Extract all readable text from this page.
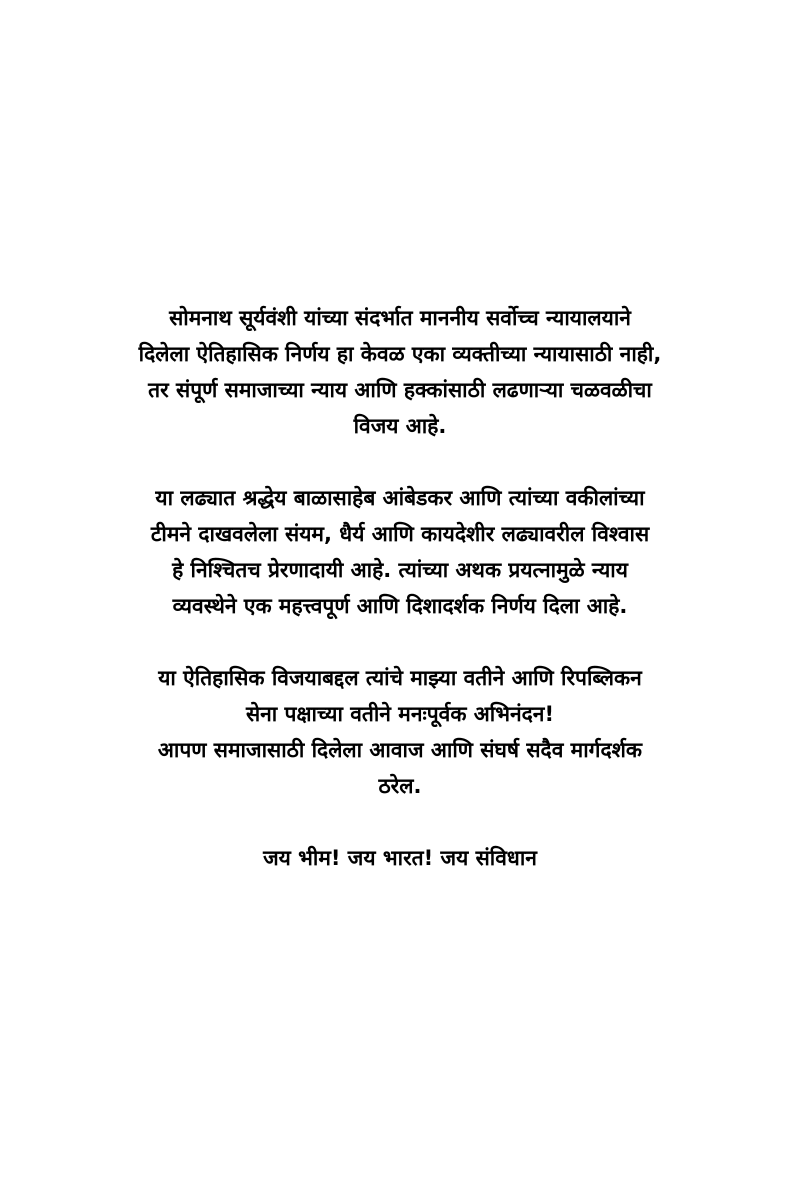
सोमनाथ सूर्यवंशी यांच्या संदर्भात माननीय सर्वोच्च न्यायालयाने
दिलेला ऐतिहासिक निर्णय हा केवळ एका व्यक्तीच्या न्यायासाठी नाही,
तर संपूर्ण समाजाच्या न्याय आणि हक्कांसाठी लढणाऱ्या चळवळीचा
विजय आहे.

या लढ्यात श्रद्धेय बाळासाहेब आंबेडकर आणि त्यांच्या वकीलांच्या
टीमने दाखवलेला संयम, धैर्य आणि कायदेशीर लढ्यावरील विश्वास
हे निश्चितच प्रेरणादायी आहे. त्यांच्या अथक प्रयत्नामुळे न्याय
व्यवस्थेने एक महत्त्वपूर्ण आणि दिशादर्शक निर्णय दिला आहे.

या ऐतिहासिक विजयाबद्दल त्यांचे माझ्या वतीने आणि रिपब्लिकन
सेना पक्षाच्या वतीने मनःपूर्वक अभिनंदन!
आपण समाजासाठी दिलेला आवाज आणि संघर्ष सदैव मार्गदर्शक
ठरेल.

जय भीम! जय भारत! जय संविधान
